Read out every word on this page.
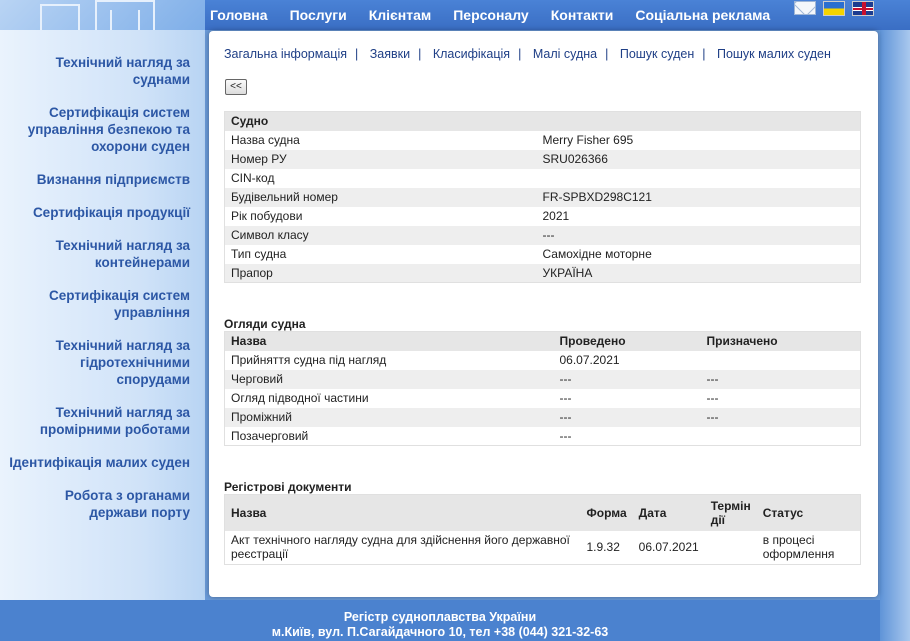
Головна Послуги Клієнтам Персоналу Контакти Соціальна реклама
Технічний нагляд за суднами
Сертифікація систем управління безпекою та охорони суден
Визнання підприємств
Сертифікація продукції
Технічний нагляд за контейнерами
Сертифікація систем управління
Технічний нагляд за гідротехнічними спорудами
Технічний нагляд за промірними роботами
Ідентифікація малих суден
Робота з органами держави порту
Загальна інформація | Заявки | Класифікація | Малі судна | Пошук суден | Пошук малих суден
<<
Судно	
Назва судна	Merry Fisher 695
Номер РУ	SRU026366
CIN-код	
Будівельний номер	FR-SPBXD298C121
Рік побудови	2021
Символ класу	---
Тип судна	Самохідне моторне
Прапор	УКРАЇНА
Огляди судна
Назва	Проведено	Призначено
Прийняття судна під нагляд	06.07.2021	
Черговий	---	---
Огляд підводної частини	---	---
Проміжний	---	---
Позачерговий	---	
Регістрові документи
Назва	Форма	Дата	Термін дії	Статус
Акт технічного нагляду судна для здійснення його державної реєстрації	1.9.32	06.07.2021		в процесі оформлення
Регістр судноплавства України
м.Київ, вул. П.Сагайдачного 10, тел +38 (044) 321-32-63
